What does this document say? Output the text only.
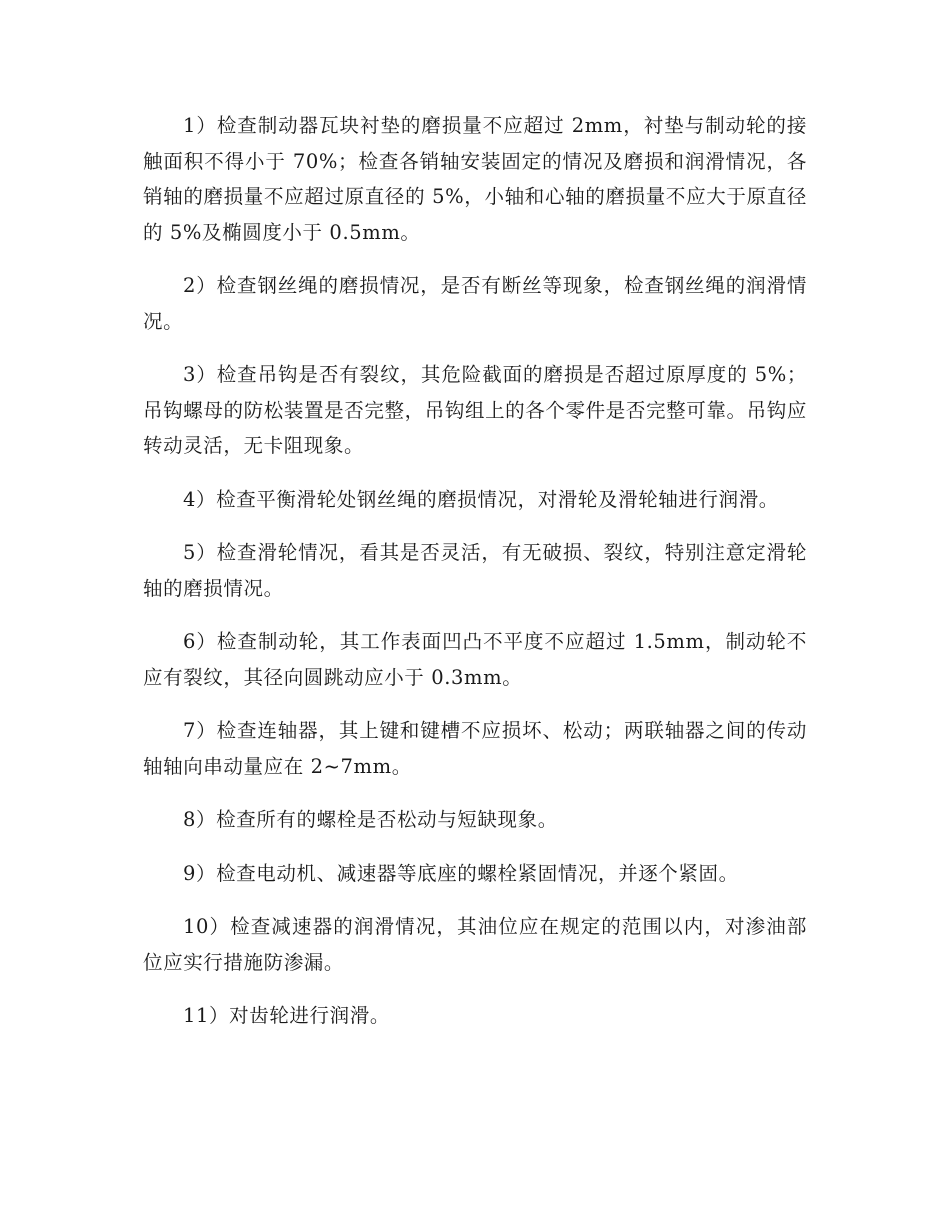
1）检查制动器瓦块衬垫的磨损量不应超过 2mm，衬垫与制动轮的接触面积不得小于 70%；检查各销轴安装固定的情况及磨损和润滑情况，各销轴的磨损量不应超过原直径的 5%，小轴和心轴的磨损量不应大于原直径的 5%及椭圆度小于 0.5mm。

2）检查钢丝绳的磨损情况，是否有断丝等现象，检查钢丝绳的润滑情况。

3）检查吊钩是否有裂纹，其危险截面的磨损是否超过原厚度的 5%；吊钩螺母的防松装置是否完整，吊钩组上的各个零件是否完整可靠。吊钩应转动灵活，无卡阻现象。

4）检查平衡滑轮处钢丝绳的磨损情况，对滑轮及滑轮轴进行润滑。

5）检查滑轮情况，看其是否灵活，有无破损、裂纹，特别注意定滑轮轴的磨损情况。

6）检查制动轮，其工作表面凹凸不平度不应超过 1.5mm，制动轮不应有裂纹，其径向圆跳动应小于 0.3mm。

7）检查连轴器，其上键和键槽不应损坏、松动；两联轴器之间的传动轴轴向串动量应在 2~7mm。

8）检查所有的螺栓是否松动与短缺现象。

9）检查电动机、减速器等底座的螺栓紧固情况，并逐个紧固。

10）检查减速器的润滑情况，其油位应在规定的范围以内，对渗油部位应实行措施防渗漏。

11）对齿轮进行润滑。
